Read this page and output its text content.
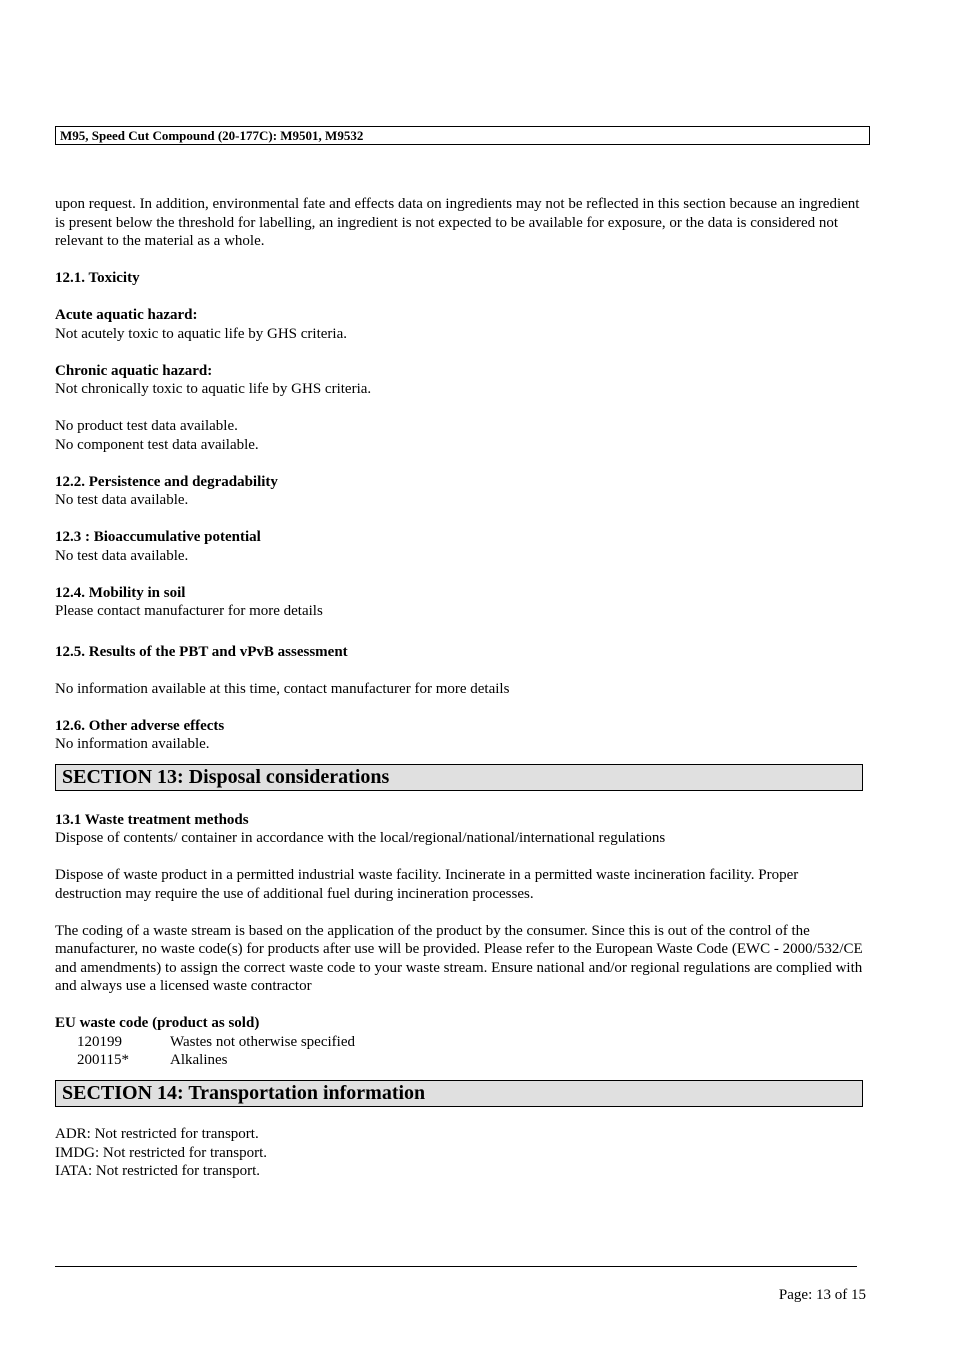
M95, Speed Cut Compound (20-177C): M9501, M9532

upon request. In addition, environmental fate and effects data on ingredients may not be reflected in this section because an ingredient is present below the threshold for labelling, an ingredient is not expected to be available for exposure, or the data is considered not relevant to the material as a whole.

12.1. Toxicity

Acute aquatic hazard:

Not acutely toxic to aquatic life by GHS criteria.

Chronic aquatic hazard:

Not chronically toxic to aquatic life by GHS criteria.

No product test data available.

No component test data available.

12.2. Persistence and degradability

No test data available.

12.3 : Bioaccumulative potential

No test data available.

12.4. Mobility in soil

Please contact manufacturer for more details

12.5. Results of the PBT and vPvB assessment

No information available at this time, contact manufacturer for more details

12.6. Other adverse effects

No information available.

SECTION 13: Disposal considerations

13.1 Waste treatment methods

Dispose of contents/ container in accordance with the local/regional/national/international regulations

Dispose of waste product in a permitted industrial waste facility. Incinerate in a permitted waste incineration facility. Proper destruction may require the use of additional fuel during incineration processes.

The coding of a waste stream is based on the application of the product by the consumer. Since this is out of the control of the manufacturer, no waste code(s) for products after use will be provided. Please refer to the European Waste Code (EWC - 2000/532/CE and amendments) to assign the correct waste code to your waste stream. Ensure national and/or regional regulations are complied with and always use a licensed waste contractor

EU waste code (product as sold)

120199	Wastes not otherwise specified
200115*	Alkalines
SECTION 14: Transportation information

ADR: Not restricted for transport.

IMDG: Not restricted for transport.

IATA: Not restricted for transport.

Page: 13 of 15
